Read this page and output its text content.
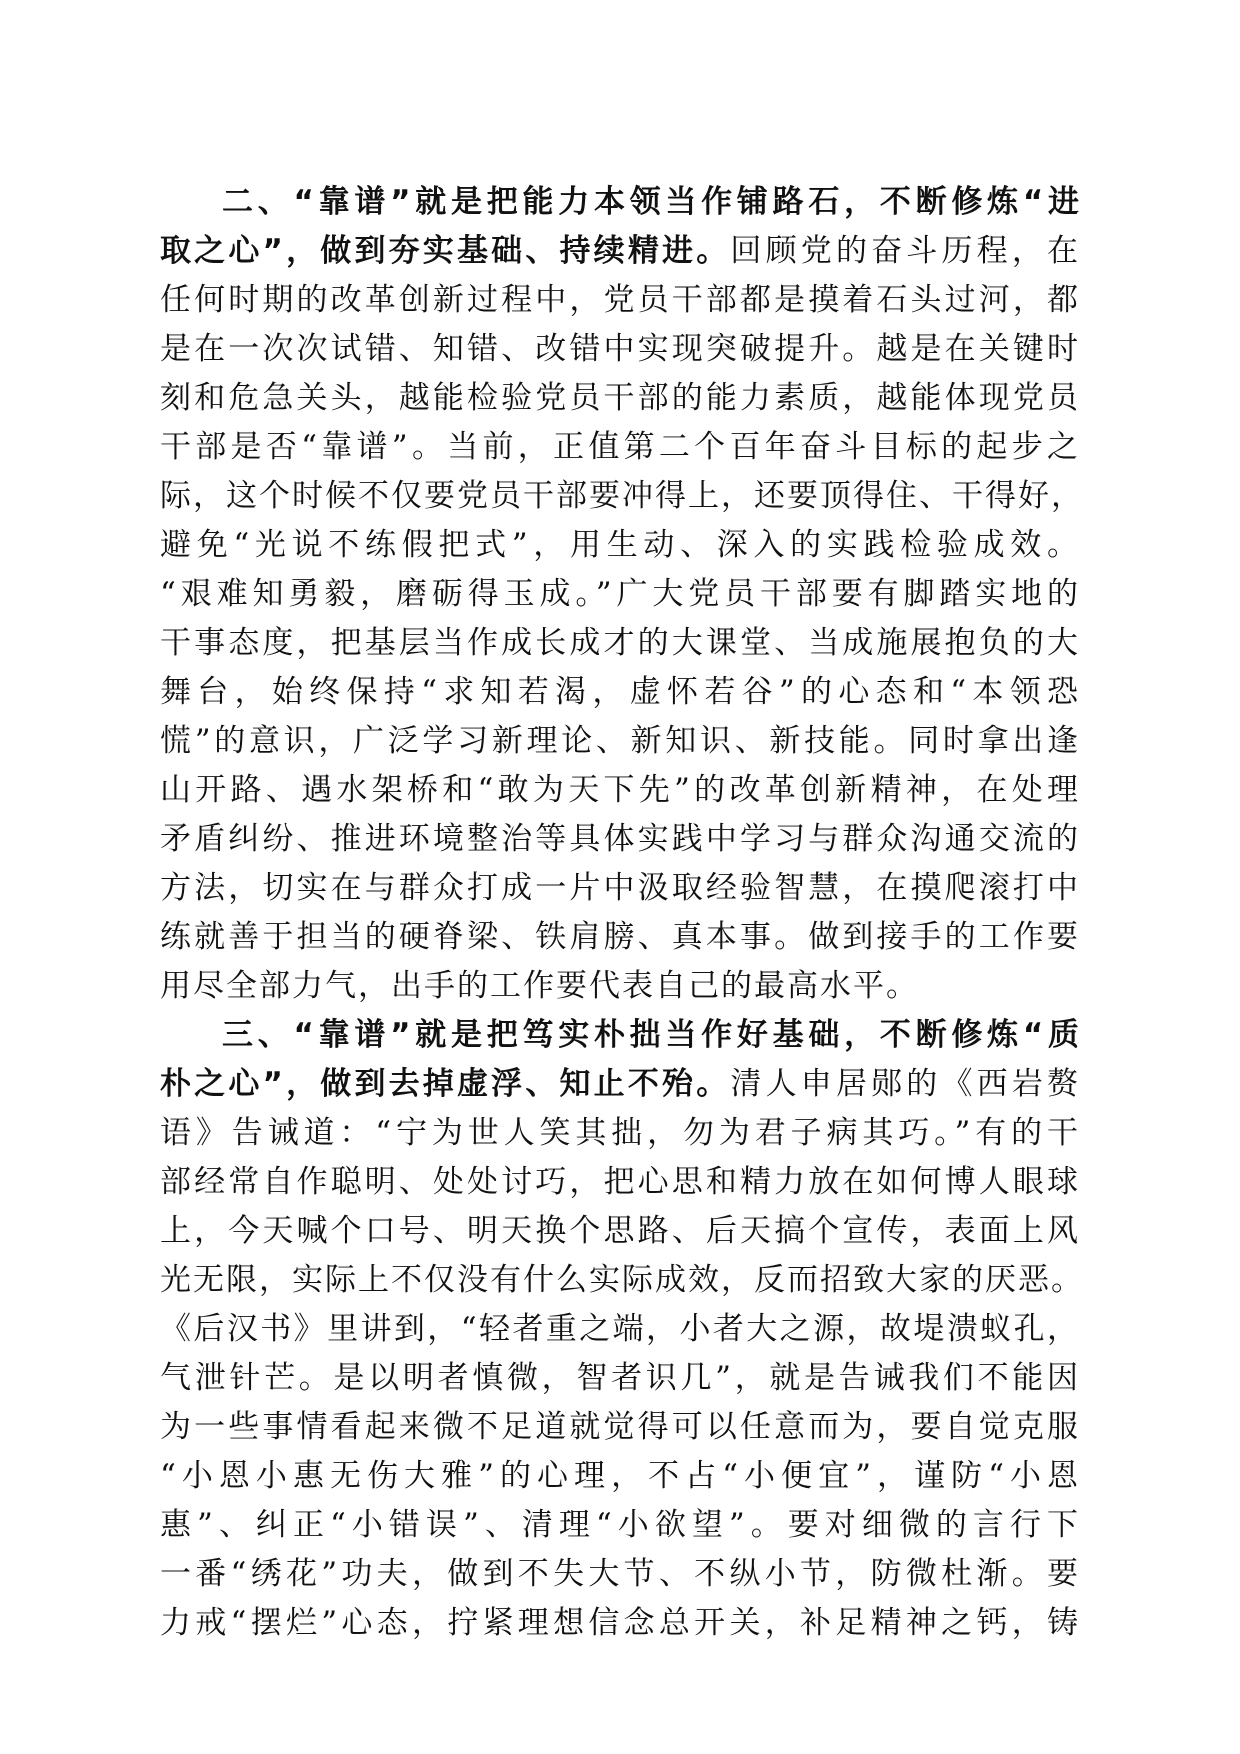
二、“靠谱”就是把能力本领当作铺路石，不断修炼“进
取之心”，做到夯实基础、持续精进。回顾党的奋斗历程，在
任何时期的改革创新过程中，党员干部都是摸着石头过河，都
是在一次次试错、知错、改错中实现突破提升。越是在关键时
刻和危急关头，越能检验党员干部的能力素质，越能体现党员
干部是否“靠谱”。当前，正值第二个百年奋斗目标的起步之
际，这个时候不仅要党员干部要冲得上，还要顶得住、干得好，
避免“光说不练假把式”，用生动、深入的实践检验成效。
“艰难知勇毅，磨砺得玉成。”广大党员干部要有脚踏实地的
干事态度，把基层当作成长成才的大课堂、当成施展抱负的大
舞台，始终保持“求知若渴，虚怀若谷”的心态和“本领恐
慌”的意识，广泛学习新理论、新知识、新技能。同时拿出逢
山开路、遇水架桥和“敢为天下先”的改革创新精神，在处理
矛盾纠纷、推进环境整治等具体实践中学习与群众沟通交流的
方法，切实在与群众打成一片中汲取经验智慧，在摸爬滚打中
练就善于担当的硬脊梁、铁肩膀、真本事。做到接手的工作要
用尽全部力气，出手的工作要代表自己的最高水平。
三、“靠谱”就是把笃实朴拙当作好基础，不断修炼“质
朴之心”，做到去掉虚浮、知止不殆。清人申居郧的《西岩赘
语》告诫道：“宁为世人笑其拙，勿为君子病其巧。”有的干
部经常自作聪明、处处讨巧，把心思和精力放在如何博人眼球
上，今天喊个口号、明天换个思路、后天搞个宣传，表面上风
光无限，实际上不仅没有什么实际成效，反而招致大家的厌恶。
《后汉书》里讲到，“轻者重之端，小者大之源，故堤溃蚁孔，
气泄针芒。是以明者慎微，智者识几”，就是告诫我们不能因
为一些事情看起来微不足道就觉得可以任意而为，要自觉克服
“小恩小惠无伤大雅”的心理，不占“小便宜”，谨防“小恩
惠”、纠正“小错误”、清理“小欲望”。要对细微的言行下
一番“绣花”功夫，做到不失大节、不纵小节，防微杜渐。要
力戒“摆烂”心态，拧紧理想信念总开关，补足精神之钙，铸
